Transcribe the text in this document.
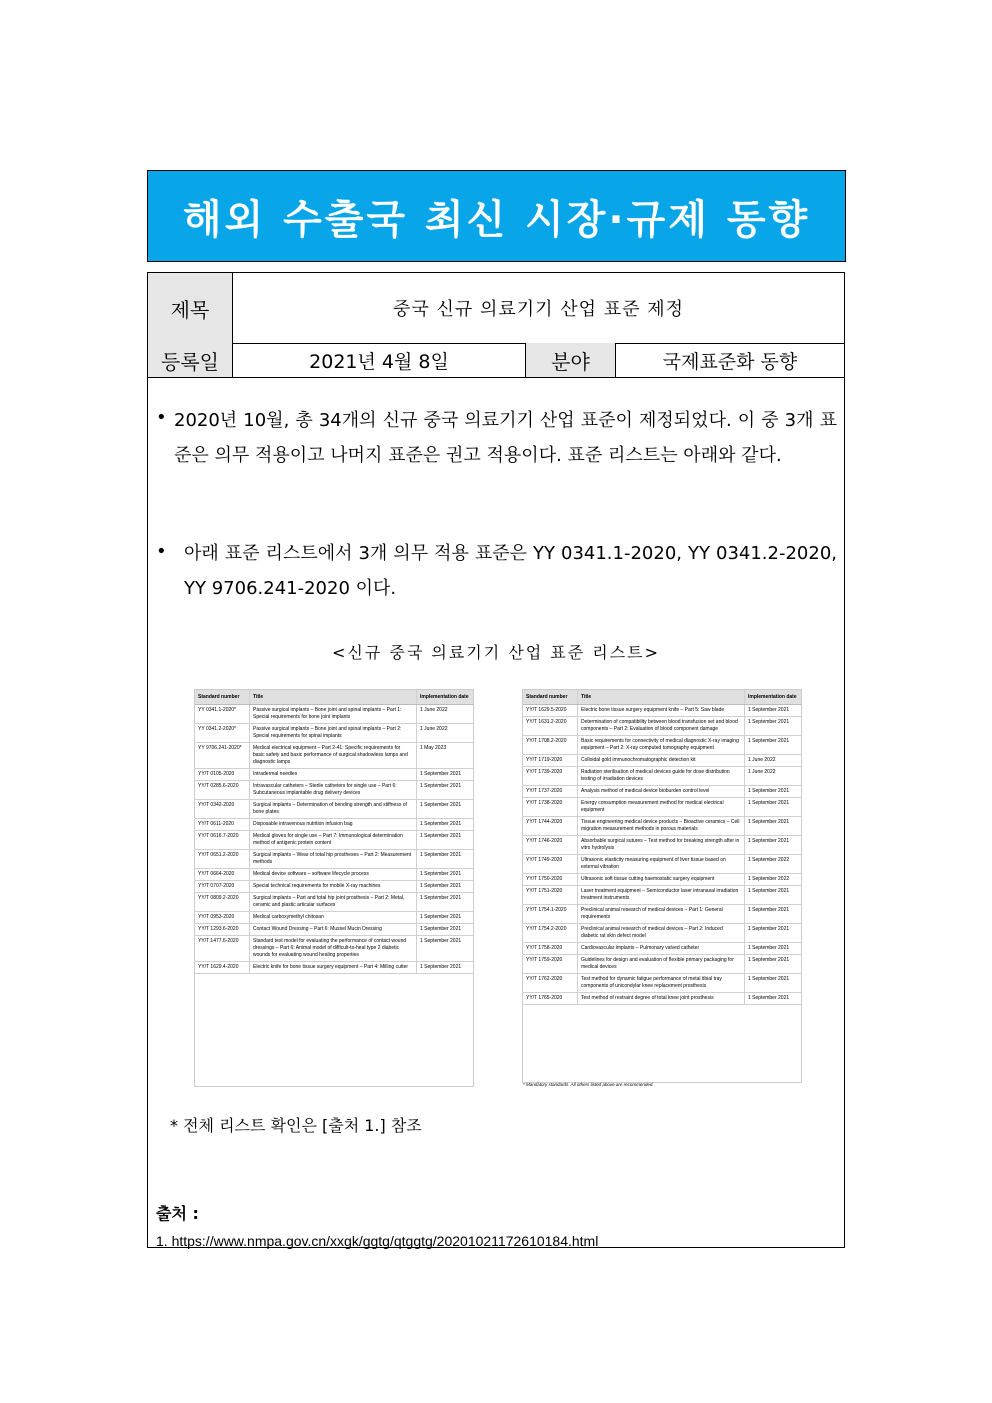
해외 수출국 최신 시장·규제 동향
제목	중국 신규 의료기기 산업 표준 제정
등록일	2021년 4월 8일	분야	국제표준화 동향
• 2020년 10월, 총 34개의 신규 중국 의료기기 산업 표준이 제정되었다. 이 중 3개 표준은 의무 적용이고 나머지 표준은 권고 적용이다. 표준 리스트는 아래와 같다.
• 아래 표준 리스트에서 3개 의무 적용 표준은 YY 0341.1-2020, YY 0341.2-2020, YY 9706.241-2020 이다.
<신규 중국 의료기기 산업 표준 리스트>
Standard number	Title	Implementation date
YY 0341.1-2020*	Passive surgical implants – Bone joint and spinal implants – Part 1: Special requirements for bone joint implants	1 June 2022
YY 0341.2-2020*	Passive surgical implants – Bone joint and spinal implants – Part 2: Special requirements for spinal implants	1 June 2022
YY 9706.241-2020*	Medical electrical equipment – Part 2-41: Specific requirements for basic safety and basic performance of surgical shadowless lamps and diagnostic lamps	1 May 2023
YY/T 0105-2020	Intradermal needles	1 September 2021
YY/T 0285.6-2020	Intravascular catheters – Sterile catheters for single use – Part 6: Subcutaneous implantable drug delivery devices	1 September 2021
YY/T 0342-2020	Surgical implants – Determination of bending strength and stiffness of bone plates	1 September 2021
YY/T 0611-2020	Disposable intravenous nutrition infusion bag	1 September 2021
YY/T 0616.7-2020	Medical gloves for single use – Part 7: Immunological determination method of antigenic protein content	1 September 2021
YY/T 0651.2-2020	Surgical implants – Wear of total hip prostheses – Part 2: Measurement methods	1 September 2021
YY/T 0664-2020	Medical device software – software lifecycle process	1 September 2021
YY/T 0707-2020	Special technical requirements for mobile X-ray machines	1 September 2021
YY/T 0809.2-2020	Surgical implants – Part and total hip joint prosthesis – Part 2: Metal, ceramic and plastic articular surfaces	1 September 2021
YY/T 0953-2020	Medical carboxymethyl chitosan	1 September 2021
YY/T 1293.6-2020	Contact Wound Dressing – Part 6: Mussel Mucin Dressing	1 September 2021
YY/T 1477.6-2020	Standard test model for evaluating the performance of contact wound dressings – Part 6: Animal model of difficult-to-heal type 2 diabetic wounds for evaluating wound healing properties	1 September 2021
YY/T 1629.4-2020	Electric knife for bone tissue surgery equipment – Part 4: Milling cutter	1 September 2021
Standard number	Title	Implementation date
YY/T 1629.5-2020	Electric bone tissue surgery equipment knife – Part 5: Saw blade	1 September 2021
YY/T 1631.2-2020	Determination of compatibility between blood transfusion set and blood components – Part 2: Evaluation of blood component damage	1 September 2021
YY/T 1708.2-2020	Basic requirements for connectivity of medical diagnostic X-ray imaging equipment – Part 2: X-ray computed tomography equipment	1 September 2021
YY/T 1719-2020	Colloidal gold immunochromatographic detection kit	1 June 2022
YY/T 1739-2020	Radiation sterilisation of medical devices guide for dose distribution testing of irradiation devices	1 June 2022
YY/T 1737-2020	Analysis method of medical device bioburden control level	1 September 2021
YY/T 1738-2020	Energy consumption measurement method for medical electrical equipment	1 September 2021
YY/T 1744-2020	Tissue engineering medical device products – Bioactive ceramics – Cell migration measurement methods in porous materials	1 September 2021
YY/T 1746-2020	Absorbable surgical sutures – Test method for breaking strength after in vitro hydrolysis	1 September 2021
YY/T 1749-2020	Ultrasonic elasticity measuring equipment of liver tissue based on external vibration	1 September 2022
YY/T 1750-2020	Ultrasonic soft tissue cutting haemostatic surgery equipment	1 September 2022
YY/T 1751-2020	Laser treatment equipment – Semiconductor laser intranasal irradiation treatment instruments	1 September 2021
YY/T 1754.1-2020	Preclinical animal research of medical devices – Part 1: General requirements	1 September 2021
YY/T 1754.2-2020	Preclinical animal research of medical devices – Part 2: Induced diabetic rat skin defect model	1 September 2021
YY/T 1758-2020	Cardiovascular implants – Pulmonary valved catheter	1 September 2021
YY/T 1759-2020	Guidelines for design and evaluation of flexible primary packaging for medical devices	1 September 2021
YY/T 1762-2020	Test method for dynamic fatigue performance of metal tibial tray components of unicondylar knee replacement prosthesis	1 September 2021
YY/T 1765-2020	Test method of restraint degree of total knee joint prosthesis	1 September 2021
* Mandatory standards. All others listed above are recommended.
* 전체 리스트 확인은 [출처 1.] 참조
출처 :
1. https://www.nmpa.gov.cn/xxgk/ggtg/qtggtg/20201021172610184.html
